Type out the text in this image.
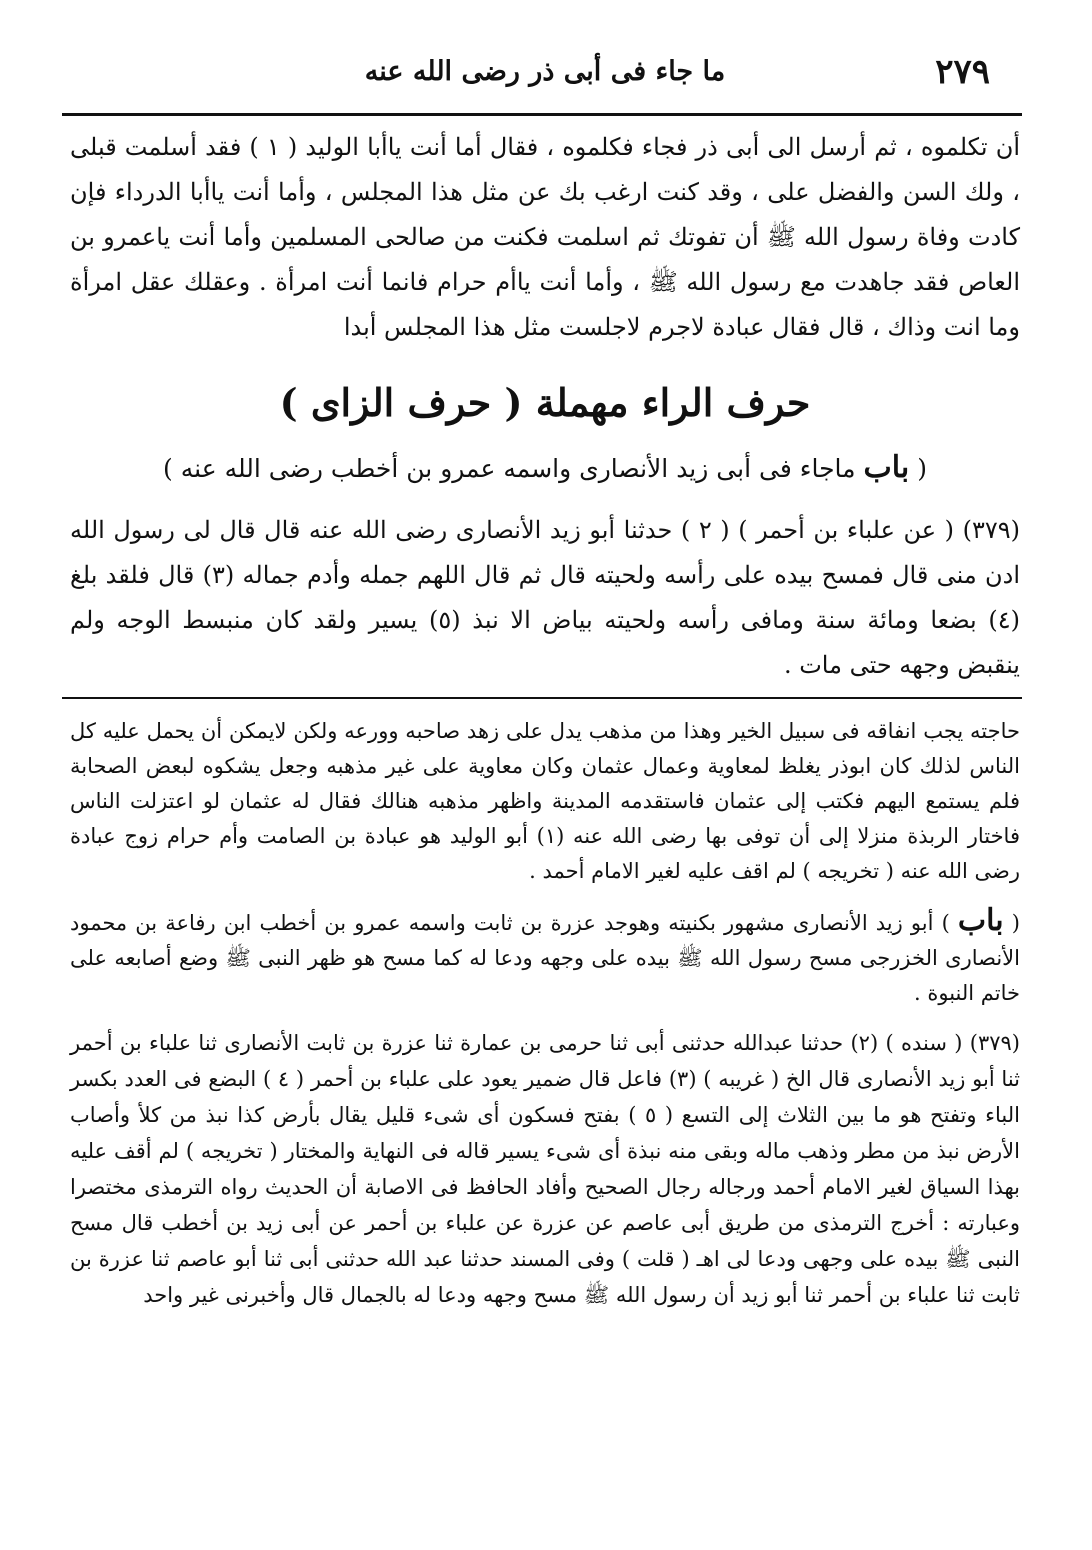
٢٧٩
ما جاء فى أبى ذر رضى الله عنه

أن تكلموه ، ثم أرسل الى أبى ذر فجاء فكلموه ، فقال أما أنت ياأبا الوليد ( ١ ) فقد أسلمت قبلى ، ولك السن والفضل على ، وقد كنت ارغب بك عن مثل هذا المجلس ، وأما أنت ياأبا الدرداء فإن كادت وفاة رسول الله ﷺ أن تفوتك ثم اسلمت فكنت من صالحى المسلمين وأما أنت ياعمرو بن العاص فقد جاهدت مع رسول الله ﷺ ، وأما أنت ياأم حرام فانما أنت امرأة . وعقلك عقل امرأة وما انت وذاك ، قال فقال عبادة لاجرم لاجلست مثل هذا المجلس أبدا

حرف الراء مهملة ( حرف الزاى )
( باب ماجاء فى أبى زيد الأنصارى واسمه عمرو بن أخطب رضى الله عنه )

(٣٧٩) ( عن علباء بن أحمر ) ( ٢ ) حدثنا أبو زيد الأنصارى رضى الله عنه قال قال لى رسول الله ادن منى قال فمسح بيده على رأسه ولحيته قال ثم قال اللهم جمله وأدم جماله (٣) قال فلقد بلغ (٤) بضعا ومائة سنة ومافى رأسه ولحيته بياض الا نبذ (٥) يسير ولقد كان منبسط الوجه ولم ينقبض وجهه حتى مات .

حاجته يجب انفاقه فى سبيل الخير وهذا من مذهب يدل على زهد صاحبه وورعه ولكن لايمكن أن يحمل عليه كل الناس لذلك كان ابوذر يغلظ لمعاوية وعمال عثمان وكان معاوية على غير مذهبه وجعل يشكوه لبعض الصحابة فلم يستمع اليهم فكتب إلى عثمان فاستقدمه المدينة واظهر مذهبه هنالك فقال له عثمان لو اعتزلت الناس فاختار الربذة منزلا إلى أن توفى بها رضى الله عنه (١) أبو الوليد هو عبادة بن الصامت وأم حرام زوج عبادة رضى الله عنه ( تخريجه ) لم اقف عليه لغير الامام أحمد .

( باب ) أبو زيد الأنصارى مشهور بكنيته وهوجد عزرة بن ثابت واسمه عمرو بن أخطب ابن رفاعة بن محمود الأنصارى الخزرجى مسح رسول الله ﷺ بيده على وجهه ودعا له كما مسح هو ظهر النبى ﷺ وضع أصابعه على خاتم النبوة .

(٣٧٩) ( سنده ) (٢) حدثنا عبدالله حدثنى أبى ثنا حرمى بن عمارة ثنا عزرة بن ثابت الأنصارى ثنا علباء بن أحمر ثنا أبو زيد الأنصارى قال الخ ( غريبه ) (٣) فاعل قال ضمير يعود على علباء بن أحمر ( ٤ ) البضع فى العدد بكسر الباء وتفتح هو ما بين الثلاث إلى التسع ( ٥ ) بفتح فسكون أى شىء قليل يقال بأرض كذا نبذ من كلأ وأصاب الأرض نبذ من مطر وذهب ماله وبقى منه نبذة أى شىء يسير قاله فى النهاية والمختار ( تخريجه ) لم أقف عليه بهذا السياق لغير الامام أحمد ورجاله رجال الصحيح وأفاد الحافظ فى الاصابة أن الحديث رواه الترمذى مختصرا وعبارته : أخرج الترمذى من طريق أبى عاصم عن عزرة عن علباء بن أحمر عن أبى زيد بن أخطب قال مسح النبى ﷺ بيده على وجهى ودعا لى اهـ ( قلت ) وفى المسند حدثنا عبد الله حدثنى أبى ثنا أبو عاصم ثنا عزرة بن ثابت ثنا علباء بن أحمر ثنا أبو زيد أن رسول الله ﷺ مسح وجهه ودعا له بالجمال قال وأخبرنى غير واحد
